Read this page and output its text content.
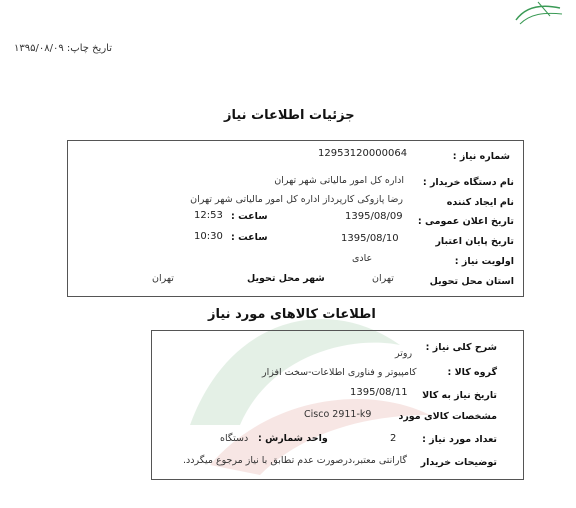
تاریخ چاپ: ۱۳۹۵/۰۸/۰۹
جزئیات اطلاعات نیاز
شماره نیاز :
12953120000064
نام دستگاه خریدار :
اداره کل امور مالیاتی شهر تهران
نام ایجاد کننده
رضا پازوکی کارپرداز اداره کل امور مالیاتی شهر تهران
تاریخ اعلان عمومی :
1395/08/09
ساعت :
12:53
تاریخ پایان اعتبار
1395/08/10
ساعت :
10:30
اولویت نیاز :
عادی
استان محل تحویل
تهران
شهر محل تحویل
تهران
اطلاعات کالاهای مورد نیاز
شرح کلی نیاز :
روتر
گروه کالا :
کامپیوتر و فناوری اطلاعات-سخت افزار
تاریخ نیاز به کالا
1395/08/11
مشخصات کالای مورد
Cisco 2911-k9
تعداد مورد نیاز :
2
واحد شمارش :
دستگاه
توضیحات خریدار
گارانتی معتبر،درصورت عدم تطابق با نیاز مرجوع میگردد.
